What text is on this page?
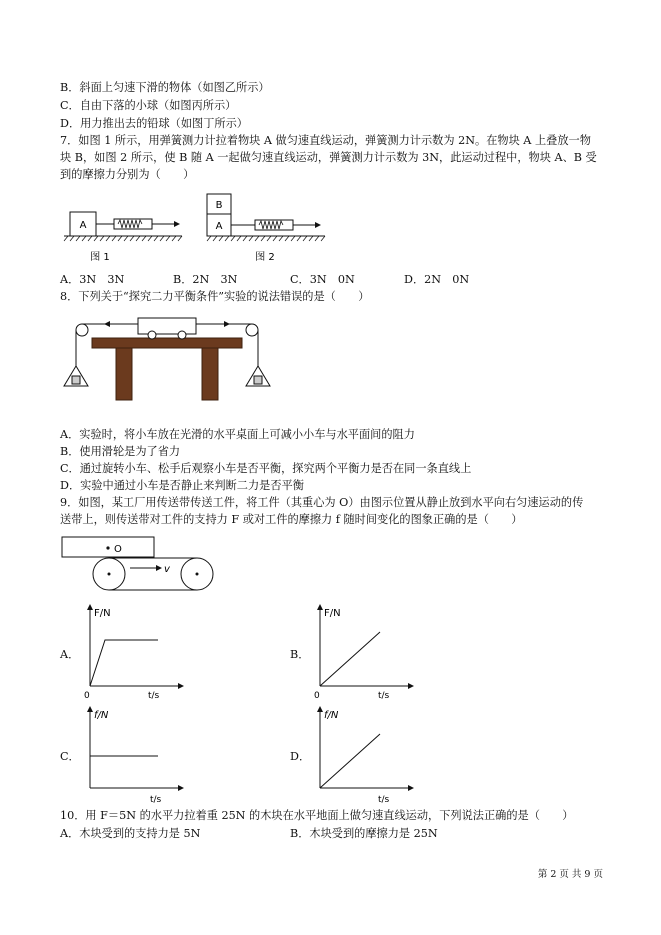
B．斜面上匀速下滑的物体（如图乙所示）
C．自由下落的小球（如图丙所示）
D．用力推出去的铅球（如图丁所示）
7．如图 1 所示，用弹簧测力计拉着物块 A 做匀速直线运动，弹簧测力计示数为 2N。在物块 A 上叠放一物
块 B，如图 2 所示，使 B 随 A 一起做匀速直线运动，弹簧测力计示数为 3N，此运动过程中，物块 A、B 受
到的摩擦力分别为（　　）
A
图 1
B
A
图 2
A．3N　3N	B．2N　3N	C．3N　0N	D．2N　0N
8．下列关于“探究二力平衡条件”实验的说法错误的是（　　）
A．实验时，将小车放在光滑的水平桌面上可减小小车与水平面间的阻力
B．使用滑轮是为了省力
C．通过旋转小车、松手后观察小车是否平衡，探究两个平衡力是否在同一条直线上
D．实验中通过小车是否静止来判断二力是否平衡
9．如图，某工厂用传送带传送工件，将工件（其重心为 O）由图示位置从静止放到水平向右匀速运动的传
送带上，则传送带对工件的支持力 F 或对工件的摩擦力 f 随时间变化的图象正确的是（　　）
O
v
A．
F/N
t/s
0
B．
F/N
t/s
0
C．
f/N
t/s
D．
f/N
t/s
10．用 F＝5N 的水平力拉着重 25N 的木块在水平地面上做匀速直线运动，下列说法正确的是（　　）
A．木块受到的支持力是 5N	B．木块受到的摩擦力是 25N
第 2 页 共 9 页
